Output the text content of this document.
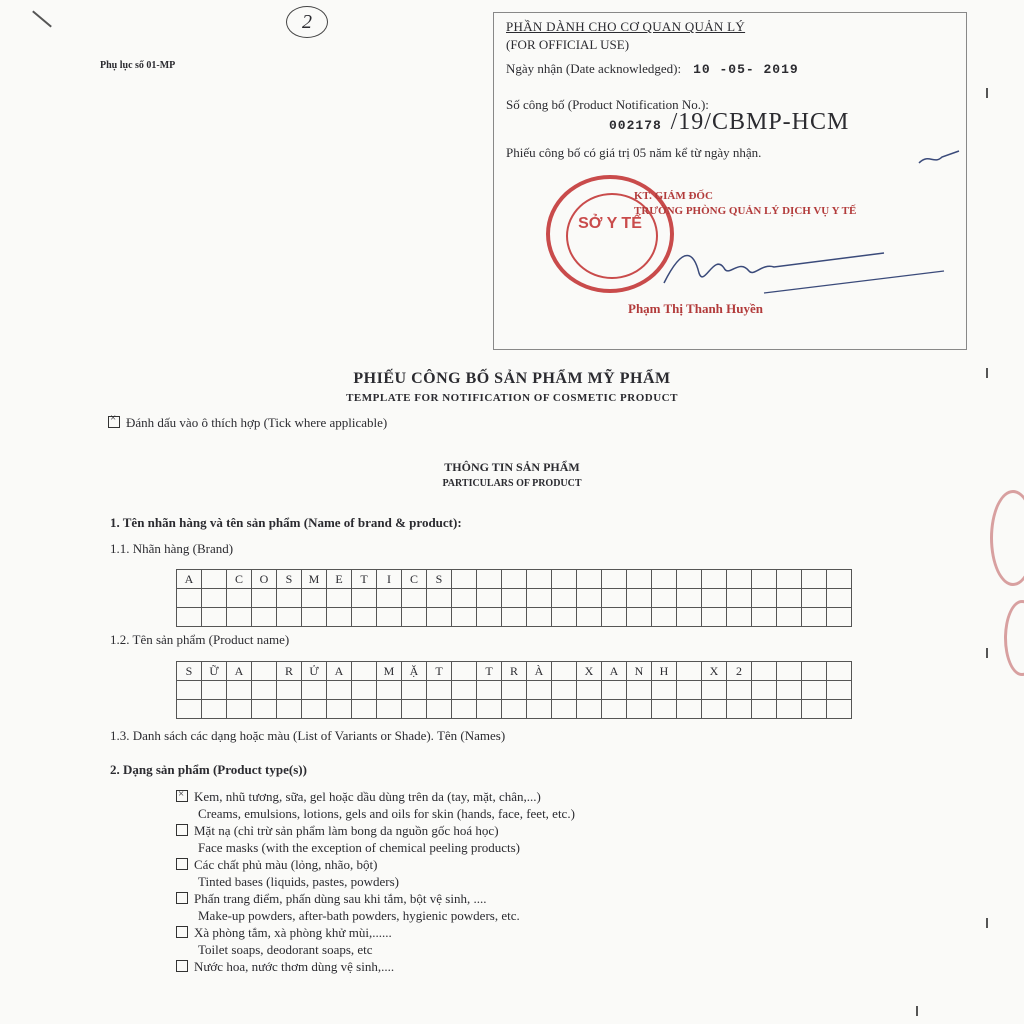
2
Phụ lục số 01-MP
PHẦN DÀNH CHO CƠ QUAN QUẢN LÝ
(FOR OFFICIAL USE)
Ngày nhận (Date acknowledged): 10 -05- 2019
Số công bố (Product Notification No.):
002178 /19/CBMP-HCM
Phiếu công bố có giá trị 05 năm kể từ ngày nhận.
SỞ Y TẾ
KT. GIÁM ĐỐC
TRƯỞNG PHÒNG QUẢN LÝ DỊCH VỤ Y TẾ
Phạm Thị Thanh Huyền
PHIẾU CÔNG BỐ SẢN PHẨM MỸ PHẨM
TEMPLATE FOR NOTIFICATION OF COSMETIC PRODUCT
×Đánh dấu vào ô thích hợp (Tick where applicable)
THÔNG TIN SẢN PHẨM
PARTICULARS OF PRODUCT
1. Tên nhãn hàng và tên sản phẩm (Name of brand & product):
1.1. Nhãn hàng (Brand)
A	C	O	S	M	E	T	I	C	S
1.2. Tên sản phẩm (Product name)
S	Ữ	A	R	Ử	A	M	Ặ	T	T	R	À	X	A	N	H	X	2
1.3. Danh sách các dạng hoặc màu (List of Variants or Shade). Tên (Names)
2. Dạng sản phẩm (Product type(s))
×Kem, nhũ tương, sữa, gel hoặc dầu dùng trên da (tay, mặt, chân,...)
Creams, emulsions, lotions, gels and oils for skin (hands, face, feet, etc.)
Mặt nạ (chỉ trừ sản phẩm làm bong da nguồn gốc hoá học)
Face masks (with the exception of chemical peeling products)
Các chất phủ màu (lỏng, nhão, bột)
Tinted bases (liquids, pastes, powders)
Phấn trang điểm, phấn dùng sau khi tắm, bột vệ sinh, ....
Make-up powders, after-bath powders, hygienic powders, etc.
Xà phòng tắm, xà phòng khử mùi,......
Toilet soaps, deodorant soaps, etc
Nước hoa, nước thơm dùng vệ sinh,....
